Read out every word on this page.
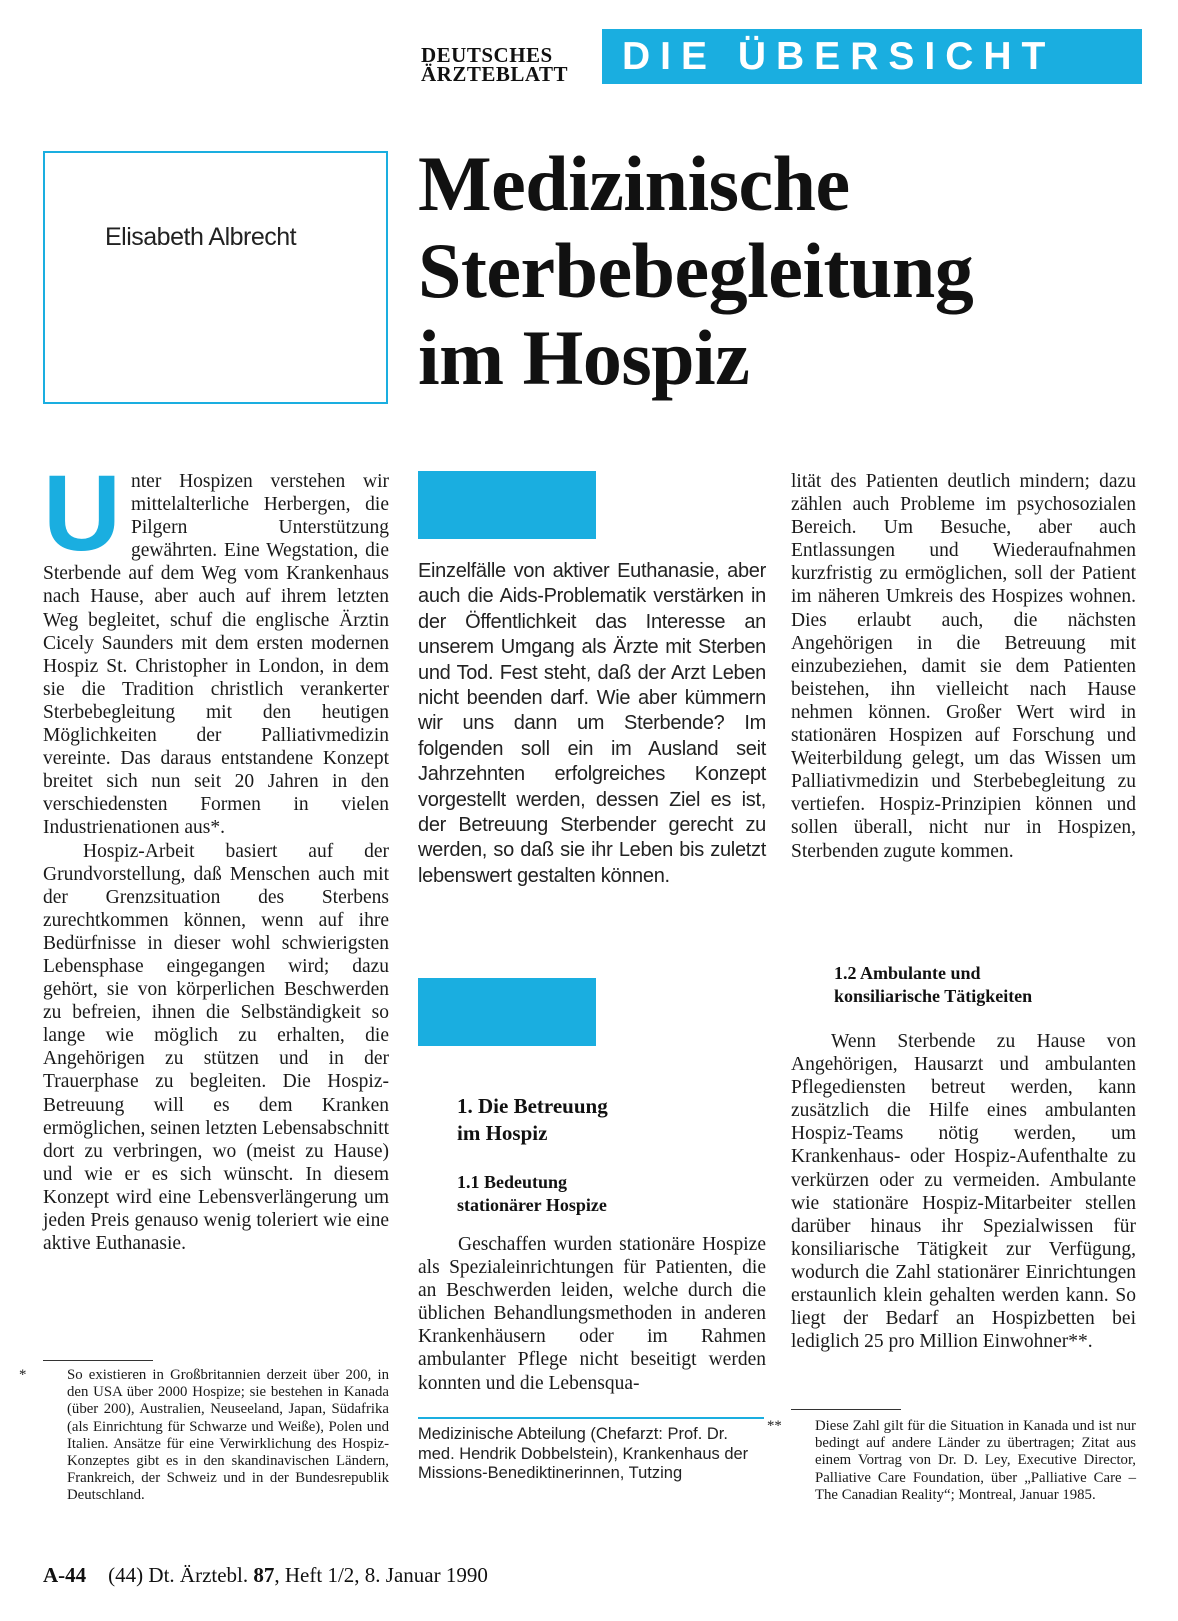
DEUTSCHES
ÄRZTEBLATT	DIE ÜBERSICHT
Elisabeth Albrecht
Medizinische
Sterbebegleitung
im Hospiz

Unter Hospizen verstehen wir mittelalterliche Herbergen, die Pilgern Unterstützung gewährten. Eine Wegstation, die Sterbende auf dem Weg vom Krankenhaus nach Hause, aber auch auf ihrem letzten Weg begleitet, schuf die englische Ärztin Cicely Saunders mit dem ersten modernen Hospiz St. Christopher in London, in dem sie die Tradition christlich verankerter Sterbebegleitung mit den heutigen Möglichkeiten der Palliativmedizin vereinte. Das daraus entstandene Konzept breitet sich nun seit 20 Jahren in den verschiedensten Formen in vielen Industrienationen aus*.

Hospiz-Arbeit basiert auf der Grundvorstellung, daß Menschen auch mit der Grenzsituation des Sterbens zurechtkommen können, wenn auf ihre Bedürfnisse in dieser wohl schwierigsten Lebensphase eingegangen wird; dazu gehört, sie von körperlichen Beschwerden zu befreien, ihnen die Selbständigkeit so lange wie möglich zu erhalten, die Angehörigen zu stützen und in der Trauerphase zu begleiten. Die Hospiz-Betreuung will es dem Kranken ermöglichen, seinen letzten Lebensabschnitt dort zu verbringen, wo (meist zu Hause) und wie er es sich wünscht. In diesem Konzept wird eine Lebensverlängerung um jeden Preis genauso wenig toleriert wie eine aktive Euthanasie.

*	So existieren in Großbritannien derzeit über 200, in den USA über 2000 Hospize; sie bestehen in Kanada (über 200), Australien, Neuseeland, Japan, Südafrika (als Einrichtung für Schwarze und Weiße), Polen und Italien. Ansätze für eine Verwirklichung des Hospiz-Konzeptes gibt es in den skandinavischen Ländern, Frankreich, der Schweiz und in der Bundesrepublik Deutschland.
Einzelfälle von aktiver Euthanasie, aber auch die Aids-Problematik verstärken in der Öffentlichkeit das Interesse an unserem Umgang als Ärzte mit Sterben und Tod. Fest steht, daß der Arzt Leben nicht beenden darf. Wie aber kümmern wir uns dann um Sterbende? Im folgenden soll ein im Ausland seit Jahrzehnten erfolgreiches Konzept vorgestellt werden, dessen Ziel es ist, der Betreuung Sterbender gerecht zu werden, so daß sie ihr Leben bis zuletzt lebenswert gestalten können.
1. Die Betreuung
im Hospiz
1.1 Bedeutung
stationärer Hospize

Geschaffen wurden stationäre Hospize als Spezialeinrichtungen für Patienten, die an Beschwerden leiden, welche durch die üblichen Behandlungsmethoden in anderen Krankenhäusern oder im Rahmen ambulanter Pflege nicht beseitigt werden konnten und die Lebensqua-

Medizinische Abteilung (Chefarzt: Prof. Dr. med. Hendrik Dobbelstein), Krankenhaus der Missions-Benediktinerinnen, Tutzing

lität des Patienten deutlich mindern; dazu zählen auch Probleme im psychosozialen Bereich. Um Besuche, aber auch Entlassungen und Wiederaufnahmen kurzfristig zu ermöglichen, soll der Patient im näheren Umkreis des Hospizes wohnen. Dies erlaubt auch, die nächsten Angehörigen in die Betreuung mit einzubeziehen, damit sie dem Patienten beistehen, ihn vielleicht nach Hause nehmen können. Großer Wert wird in stationären Hospizen auf Forschung und Weiterbildung gelegt, um das Wissen um Palliativmedizin und Sterbebegleitung zu vertiefen. Hospiz-Prinzipien können und sollen überall, nicht nur in Hospizen, Sterbenden zugute kommen.

1.2 Ambulante und
konsiliarische Tätigkeiten

Wenn Sterbende zu Hause von Angehörigen, Hausarzt und ambulanten Pflegediensten betreut werden, kann zusätzlich die Hilfe eines ambulanten Hospiz-Teams nötig werden, um Krankenhaus- oder Hospiz-Aufenthalte zu verkürzen oder zu vermeiden. Ambulante wie stationäre Hospiz-Mitarbeiter stellen darüber hinaus ihr Spezialwissen für konsiliarische Tätigkeit zur Verfügung, wodurch die Zahl stationärer Einrichtungen erstaunlich klein gehalten werden kann. So liegt der Bedarf an Hospizbetten bei lediglich 25 pro Million Einwohner**.

** Diese Zahl gilt für die Situation in Kanada und ist nur bedingt auf andere Länder zu übertragen; Zitat aus einem Vortrag von Dr. D. Ley, Executive Director, Palliative Care Foundation, über „Palliative Care – The Canadian Reality“; Montreal, Januar 1985.
A-44 (44) Dt. Ärztebl. 87, Heft 1/2, 8. Januar 1990
